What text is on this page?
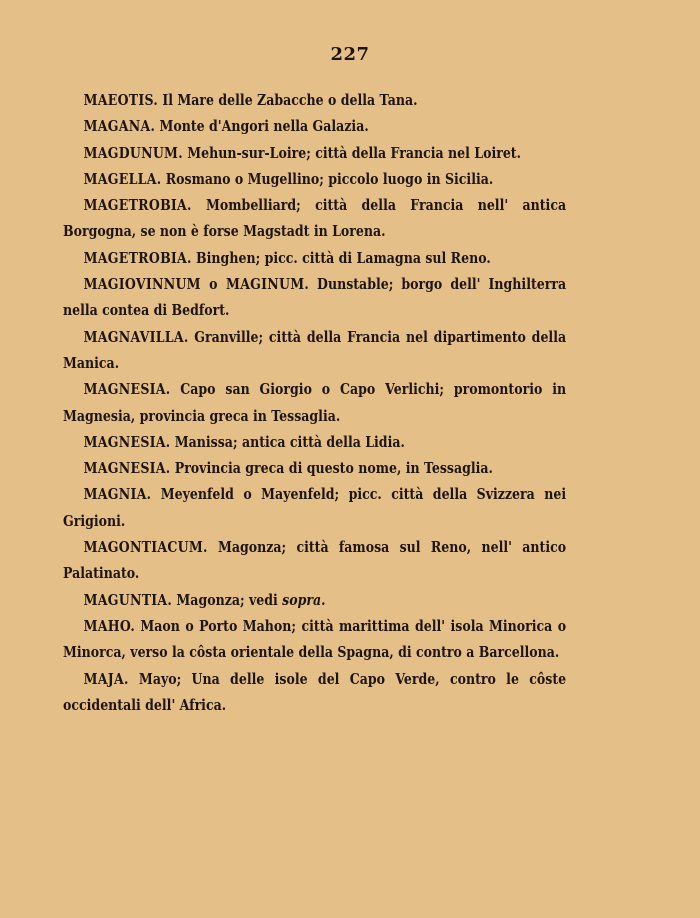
227

MAEOTIS. Il Mare delle Zabacche o della Tana.

MAGANA. Monte d'Angori nella Galazia.

MAGDUNUM. Mehun-sur-Loire; città della Francia nel Loiret.

MAGELLA. Rosmano o Mugellino; piccolo luogo in Sicilia.

MAGETROBIA. Mombelliard; città della Francia nell' antica Borgogna, se non è forse Magstadt in Lorena.

MAGETROBIA. Binghen; picc. città di Lamagna sul Reno.

MAGIOVINNUM o MAGINUM. Dunstable; borgo dell' Inghilterra nella contea di Bedfort.

MAGNAVILLA. Granville; città della Francia nel dipartimento della Manica.

MAGNESIA. Capo san Giorgio o Capo Verlichi; promontorio in Magnesia, provincia greca in Tessaglia.

MAGNESIA. Manissa; antica città della Lidia.

MAGNESIA. Provincia greca di questo nome, in Tessaglia.

MAGNIA. Meyenfeld o Mayenfeld; picc. città della Svizzera nei Grigioni.

MAGONTIACUM. Magonza; città famosa sul Reno, nell' antico Palatinato.

MAGUNTIA. Magonza; vedi sopra.

MAHO. Maon o Porto Mahon; città marittima dell' isola Minorica o Minorca, verso la côsta orientale della Spagna, di contro a Barcellona.

MAJA. Mayo; Una delle isole del Capo Verde, contro le côste occidentali dell' Africa.
